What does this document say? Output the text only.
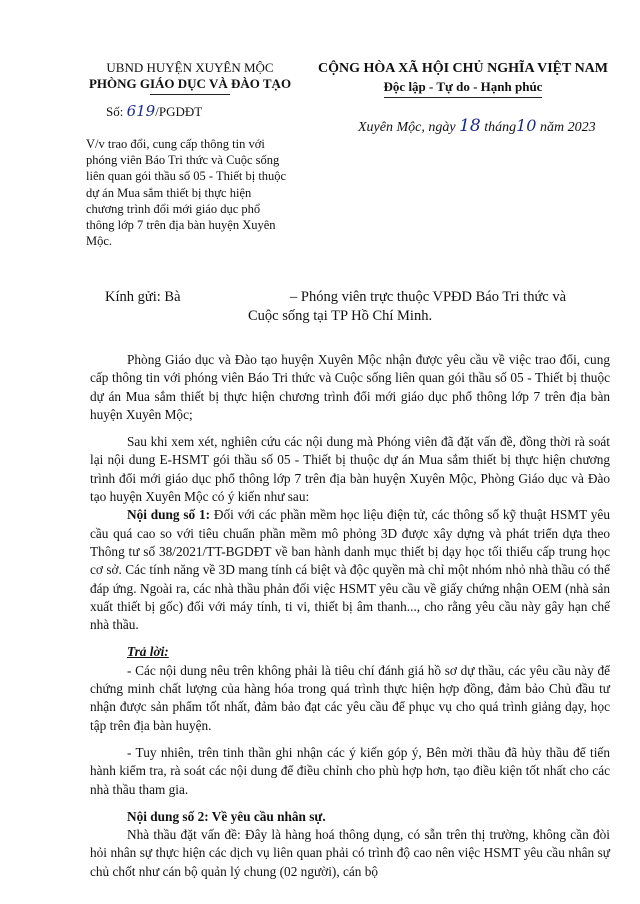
UBND HUYỆN XUYÊN MỘC
PHÒNG GIÁO DỤC VÀ ĐÀO TẠO
CỘNG HÒA XÃ HỘI CHỦ NGHĨA VIỆT NAM
Độc lập - Tự do - Hạnh phúc
Số: 619/PGDĐT
Xuyên Mộc, ngày 18 tháng10 năm 2023
V/v trao đổi, cung cấp thông tin với phóng viên Báo Tri thức và Cuộc sống liên quan gói thầu số 05 - Thiết bị thuộc dự án Mua sắm thiết bị thực hiện chương trình đổi mới giáo dục phổ thông lớp 7 trên địa bàn huyện Xuyên Mộc.
Kính gửi: Bà	– Phóng viên trực thuộc VPĐD Báo Tri thức và
Cuộc sống tại TP Hồ Chí Minh.

Phòng Giáo dục và Đào tạo huyện Xuyên Mộc nhận được yêu cầu về việc trao đổi, cung cấp thông tin với phóng viên Báo Tri thức và Cuộc sống liên quan gói thầu số 05 - Thiết bị thuộc dự án Mua sắm thiết bị thực hiện chương trình đổi mới giáo dục phổ thông lớp 7 trên địa bàn huyện Xuyên Mộc;

Sau khi xem xét, nghiên cứu các nội dung mà Phóng viên đã đặt vấn đề, đồng thời rà soát lại nội dung E-HSMT gói thầu số 05 - Thiết bị thuộc dự án Mua sắm thiết bị thực hiện chương trình đổi mới giáo dục phổ thông lớp 7 trên địa bàn huyện Xuyên Mộc, Phòng Giáo dục và Đào tạo huyện Xuyên Mộc có ý kiến như sau:

Nội dung số 1: Đối với các phần mềm học liệu điện tử, các thông số kỹ thuật HSMT yêu cầu quá cao so với tiêu chuẩn phần mềm mô phỏng 3D được xây dựng và phát triển dựa theo Thông tư số 38/2021/TT-BGDĐT về ban hành danh mục thiết bị dạy học tối thiểu cấp trung học cơ sở. Các tính năng về 3D mang tính cá biệt và độc quyền mà chỉ một nhóm nhỏ nhà thầu có thể đáp ứng. Ngoài ra, các nhà thầu phản đối việc HSMT yêu cầu về giấy chứng nhận OEM (nhà sản xuất thiết bị gốc) đối với máy tính, ti vi, thiết bị âm thanh..., cho rằng yêu cầu này gây hạn chế nhà thầu.

Trả lời:

- Các nội dung nêu trên không phải là tiêu chí đánh giá hồ sơ dự thầu, các yêu cầu này để chứng minh chất lượng của hàng hóa trong quá trình thực hiện hợp đồng, đảm bảo Chủ đầu tư nhận được sản phẩm tốt nhất, đảm bảo đạt các yêu cầu để phục vụ cho quá trình giảng dạy, học tập trên địa bàn huyện.

- Tuy nhiên, trên tinh thần ghi nhận các ý kiến góp ý, Bên mời thầu đã hủy thầu để tiến hành kiểm tra, rà soát các nội dung để điều chỉnh cho phù hợp hơn, tạo điều kiện tốt nhất cho các nhà thầu tham gia.

Nội dung số 2: Về yêu cầu nhân sự.

Nhà thầu đặt vấn đề: Đây là hàng hoá thông dụng, có sẵn trên thị trường, không cần đòi hỏi nhân sự thực hiện các dịch vụ liên quan phải có trình độ cao nên việc HSMT yêu cầu nhân sự chủ chốt như cán bộ quản lý chung (02 người), cán bộ
